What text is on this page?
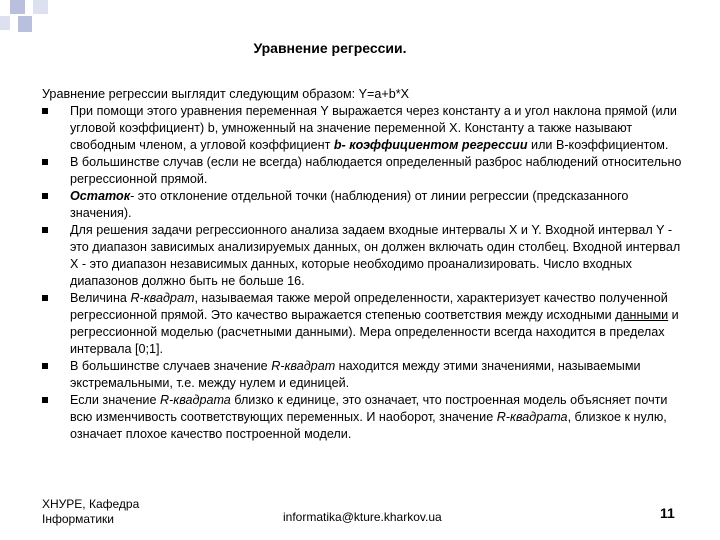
Уравнение регрессии.

Уравнение регрессии выглядит следующим образом: Y=a+b*X

При помощи этого уравнения переменная Y выражается через константу a и угол наклона прямой (или угловой коэффициент) b, умноженный на значение переменной X. Константу a также называют свободным членом, а угловой коэффициент b- коэффициентом регрессии или B-коэффициентом.
В большинстве случав (если не всегда) наблюдается определенный разброс наблюдений относительно регрессионной прямой.
Остаток- это отклонение отдельной точки (наблюдения) от линии регрессии (предсказанного значения).
Для решения задачи регрессионного анализа задаем входные интервалы X и Y. Входной интервал Y - это диапазон зависимых анализируемых данных, он должен включать один столбец. Входной интервал X - это диапазон независимых данных, которые необходимо проанализировать. Число входных диапазонов должно быть не больше 16.
Величина R-квадрат, называемая также мерой определенности, характеризует качество полученной регрессионной прямой. Это качество выражается степенью соответствия между исходными данными и регрессионной моделью (расчетными данными). Мера определенности всегда находится в пределах интервала [0;1].
В большинстве случаев значение R-квадрат находится между этими значениями, называемыми экстремальными, т.е. между нулем и единицей.
Если значение R-квадрата близко к единице, это означает, что построенная модель объясняет почти всю изменчивость соответствующих переменных. И наоборот, значение R-квадрата, близкое к нулю, означает плохое качество построенной модели.
ХНУРЕ, Кафедра
Інформатики	informatika@kture.kharkov.ua	11
